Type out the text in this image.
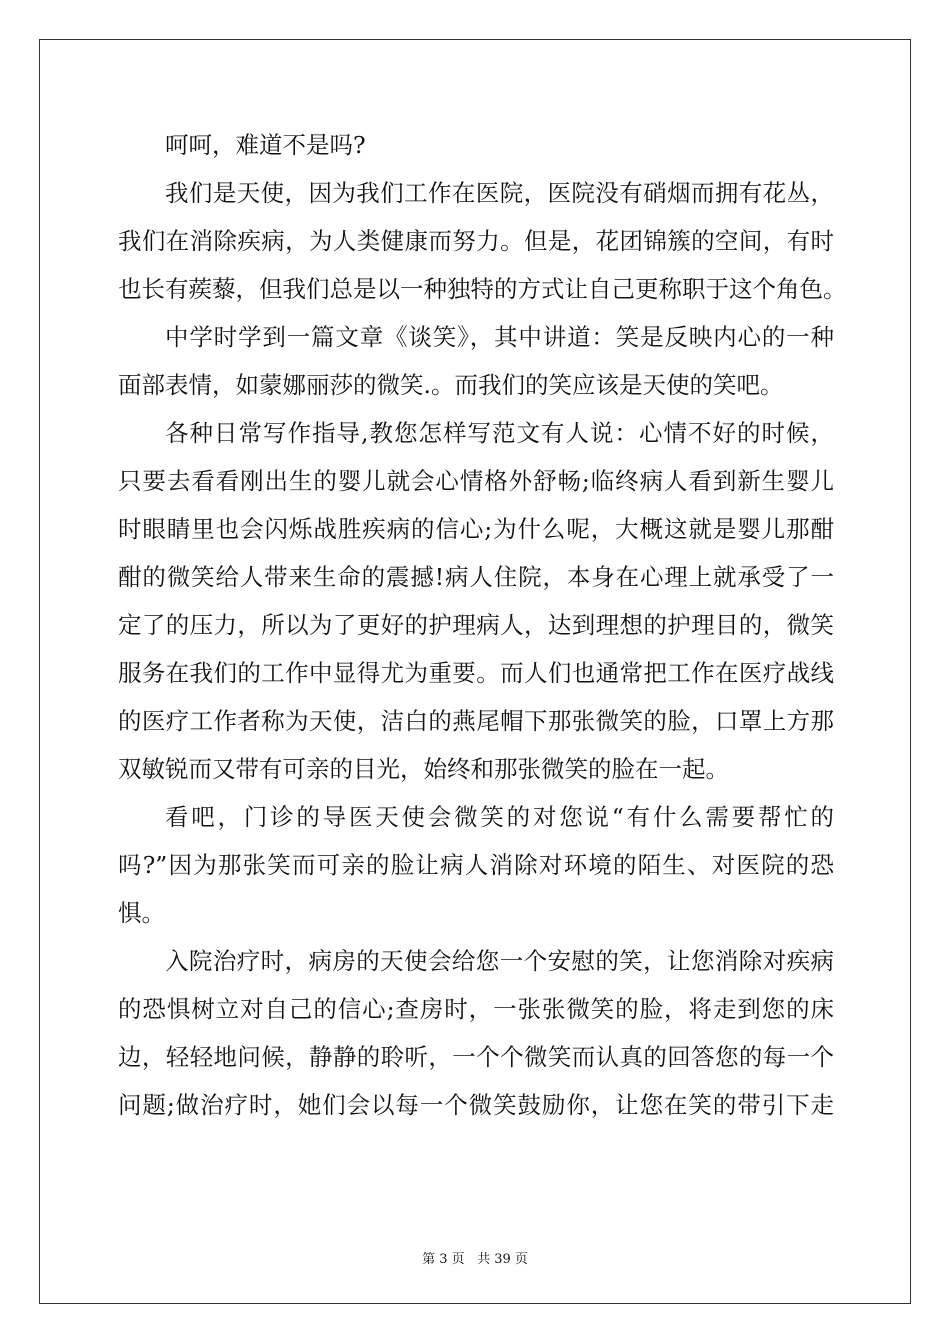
呵呵，难道不是吗?
我们是天使，因为我们工作在医院，医院没有硝烟而拥有花丛，
我们在消除疾病，为人类健康而努力。但是，花团锦簇的空间，有时
也长有蒺藜，但我们总是以一种独特的方式让自己更称职于这个角色。
中学时学到一篇文章《谈笑》，其中讲道：笑是反映内心的一种
面部表情，如蒙娜丽莎的微笑.。而我们的笑应该是天使的笑吧。
各种日常写作指导,教您怎样写范文有人说：心情不好的时候，
只要去看看刚出生的婴儿就会心情格外舒畅;临终病人看到新生婴儿
时眼睛里也会闪烁战胜疾病的信心;为什么呢，大概这就是婴儿那酣
酣的微笑给人带来生命的震撼!病人住院，本身在心理上就承受了一
定了的压力，所以为了更好的护理病人，达到理想的护理目的，微笑
服务在我们的工作中显得尤为重要。而人们也通常把工作在医疗战线
的医疗工作者称为天使，洁白的燕尾帽下那张微笑的脸，口罩上方那
双敏锐而又带有可亲的目光，始终和那张微笑的脸在一起。
看吧，门诊的导医天使会微笑的对您说“有什么需要帮忙的
吗?”因为那张笑而可亲的脸让病人消除对环境的陌生、对医院的恐
惧。
入院治疗时，病房的天使会给您一个安慰的笑，让您消除对疾病
的恐惧树立对自己的信心;查房时，一张张微笑的脸，将走到您的床
边，轻轻地问候，静静的聆听，一个个微笑而认真的回答您的每一个
问题;做治疗时，她们会以每一个微笑鼓励你，让您在笑的带引下走
第 3 页 共 39 页
